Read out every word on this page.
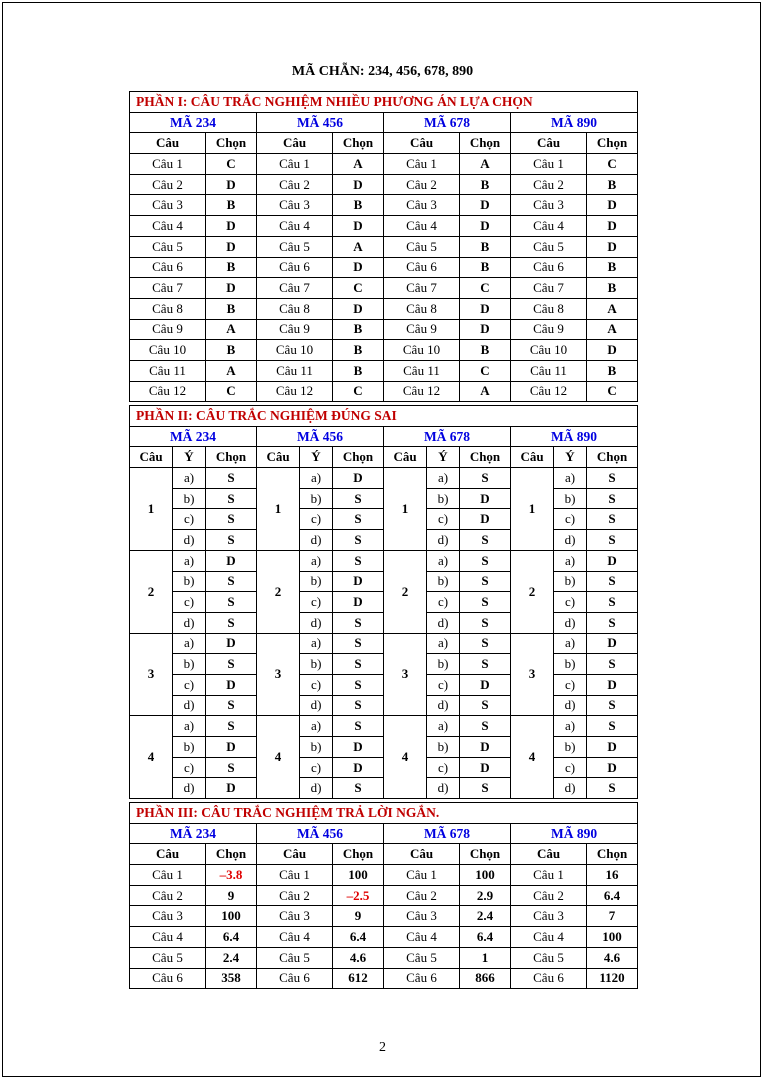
MÃ CHẴN: 234, 456, 678, 890
PHẦN I: CÂU TRẮC NGHIỆM NHIỀU PHƯƠNG ÁN LỰA CHỌN							
MÃ 234		MÃ 456		MÃ 678		MÃ 890	
Câu	Chọn	Câu	Chọn	Câu	Chọn	Câu	Chọn
Câu 1	C	Câu 1	A	Câu 1	A	Câu 1	C
Câu 2	D	Câu 2	D	Câu 2	B	Câu 2	B
Câu 3	B	Câu 3	B	Câu 3	D	Câu 3	D
Câu 4	D	Câu 4	D	Câu 4	D	Câu 4	D
Câu 5	D	Câu 5	A	Câu 5	B	Câu 5	D
Câu 6	B	Câu 6	D	Câu 6	B	Câu 6	B
Câu 7	D	Câu 7	C	Câu 7	C	Câu 7	B
Câu 8	B	Câu 8	D	Câu 8	D	Câu 8	A
Câu 9	A	Câu 9	B	Câu 9	D	Câu 9	A
Câu 10	B	Câu 10	B	Câu 10	B	Câu 10	D
Câu 11	A	Câu 11	B	Câu 11	C	Câu 11	B
Câu 12	C	Câu 12	C	Câu 12	A	Câu 12	C
PHẦN II: CÂU TRẮC NGHIỆM ĐÚNG SAI											
MÃ 234			MÃ 456			MÃ 678			MÃ 890		
Câu	Ý	Chọn	Câu	Ý	Chọn	Câu	Ý	Chọn	Câu	Ý	Chọn
1	a)	S	1	a)	D	1	a)	S	1	a)	S
	b)	S		b)	S		b)	D		b)	S
	c)	S		c)	S		c)	D		c)	S
	d)	S		d)	S		d)	S		d)	S
2	a)	D	2	a)	S	2	a)	S	2	a)	D
	b)	S		b)	D		b)	S		b)	S
	c)	S		c)	D		c)	S		c)	S
	d)	S		d)	S		d)	S		d)	S
3	a)	D	3	a)	S	3	a)	S	3	a)	D
	b)	S		b)	S		b)	S		b)	S
	c)	D		c)	S		c)	D		c)	D
	d)	S		d)	S		d)	S		d)	S
4	a)	S	4	a)	S	4	a)	S	4	a)	S
	b)	D		b)	D		b)	D		b)	D
	c)	S		c)	D		c)	D		c)	D
	d)	D		d)	S		d)	S		d)	S
PHẦN III: CÂU TRẮC NGHIỆM TRẢ LỜI NGẮN.							
MÃ 234		MÃ 456		MÃ 678		MÃ 890	
Câu	Chọn	Câu	Chọn	Câu	Chọn	Câu	Chọn
Câu 1	–3.8	Câu 1	100	Câu 1	100	Câu 1	16
Câu 2	9	Câu 2	–2.5	Câu 2	2.9	Câu 2	6.4
Câu 3	100	Câu 3	9	Câu 3	2.4	Câu 3	7
Câu 4	6.4	Câu 4	6.4	Câu 4	6.4	Câu 4	100
Câu 5	2.4	Câu 5	4.6	Câu 5	1	Câu 5	4.6
Câu 6	358	Câu 6	612	Câu 6	866	Câu 6	1120
2
